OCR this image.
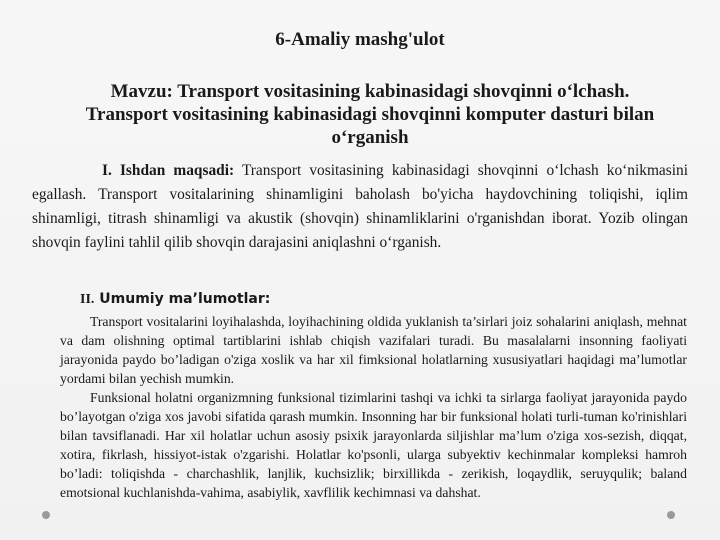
6-Amaliy mashg'ulot
Mavzu: Transport vositasining kabinasidagi shovqinni o‘lchash. Transport vositasining kabinasidagi shovqinni komputer dasturi bilan o‘rganish
I. Ishdan maqsadi: Transport vositasining kabinasidagi shovqinni o‘lchash ko‘nikmasini egallash. Transport vositalarining shinamligini baholash bo'yicha haydovchining toliqishi, iqlim shinamligi, titrash shinamligi va akustik (shovqin) shinamliklarini o'rganishdan iborat. Yozib olingan shovqin faylini tahlil qilib shovqin darajasini aniqlashni o‘rganish.
II. Umumiy ma’lumotlar:
Transport vositalarini loyihalashda, loyihachining oldida yuklanish ta’sirlari joiz sohalarini aniqlash, mehnat va dam olishning optimal tartiblarini ishlab chiqish vazifalari turadi. Bu masalalarni insonning faoliyati jarayonida paydo bo’ladigan o'ziga xoslik va har xil fimksional holatlarning xususiyatlari haqidagi ma’lumotlar yordami bilan yechish mumkin.
Funksional holatni organizmning funksional tizimlarini tashqi va ichki ta sirlarga faoliyat jarayonida paydo bo’layotgan o'ziga xos javobi sifatida qarash mumkin. Insonning har bir funksional holati turli-tuman ko'rinishlari bilan tavsiflanadi. Har xil holatlar uchun asosiy psixik jarayonlarda siljishlar ma’lum o'ziga xos-sezish, diqqat, xotira, fikrlash, hissiyot-istak o'zgarishi. Holatlar ko'psonli, ularga subyektiv kechinmalar kompleksi hamroh bo’ladi: toliqishda - charchashlik, lanjlik, kuchsizlik; birxillikda - zerikish, loqaydlik, seruyqulik; baland emotsional kuchlanishda-vahima, asabiylik, xavflilik kechimnasi va dahshat.
